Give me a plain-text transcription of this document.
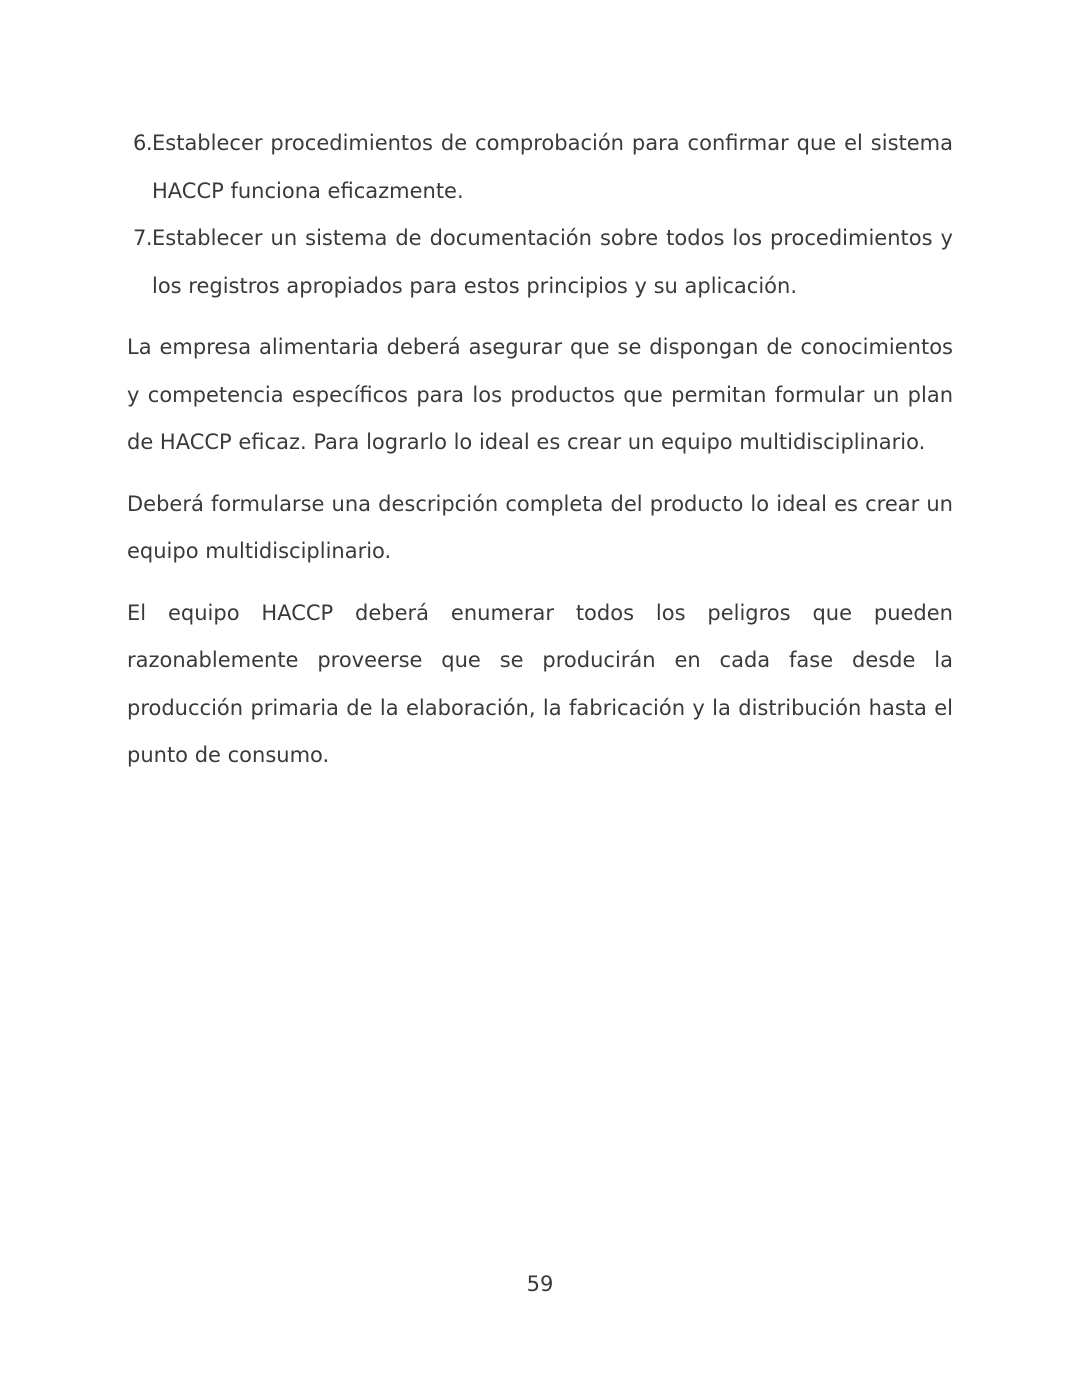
6. Establecer procedimientos de comprobación para confirmar que el sistema HACCP funciona eficazmente.
7. Establecer un sistema de documentación sobre todos los procedimientos y los registros apropiados para estos principios y su aplicación.

La empresa alimentaria deberá asegurar que se dispongan de conocimientos y competencia específicos para los productos que permitan formular un plan de HACCP eficaz. Para lograrlo lo ideal es crear un equipo multidisciplinario.

Deberá formularse una descripción completa del producto lo ideal es crear un equipo multidisciplinario.

El equipo HACCP deberá enumerar todos los peligros que pueden razonablemente proveerse que se producirán en cada fase desde la producción primaria de la elaboración, la fabricación y la distribución hasta el punto de consumo.

59
